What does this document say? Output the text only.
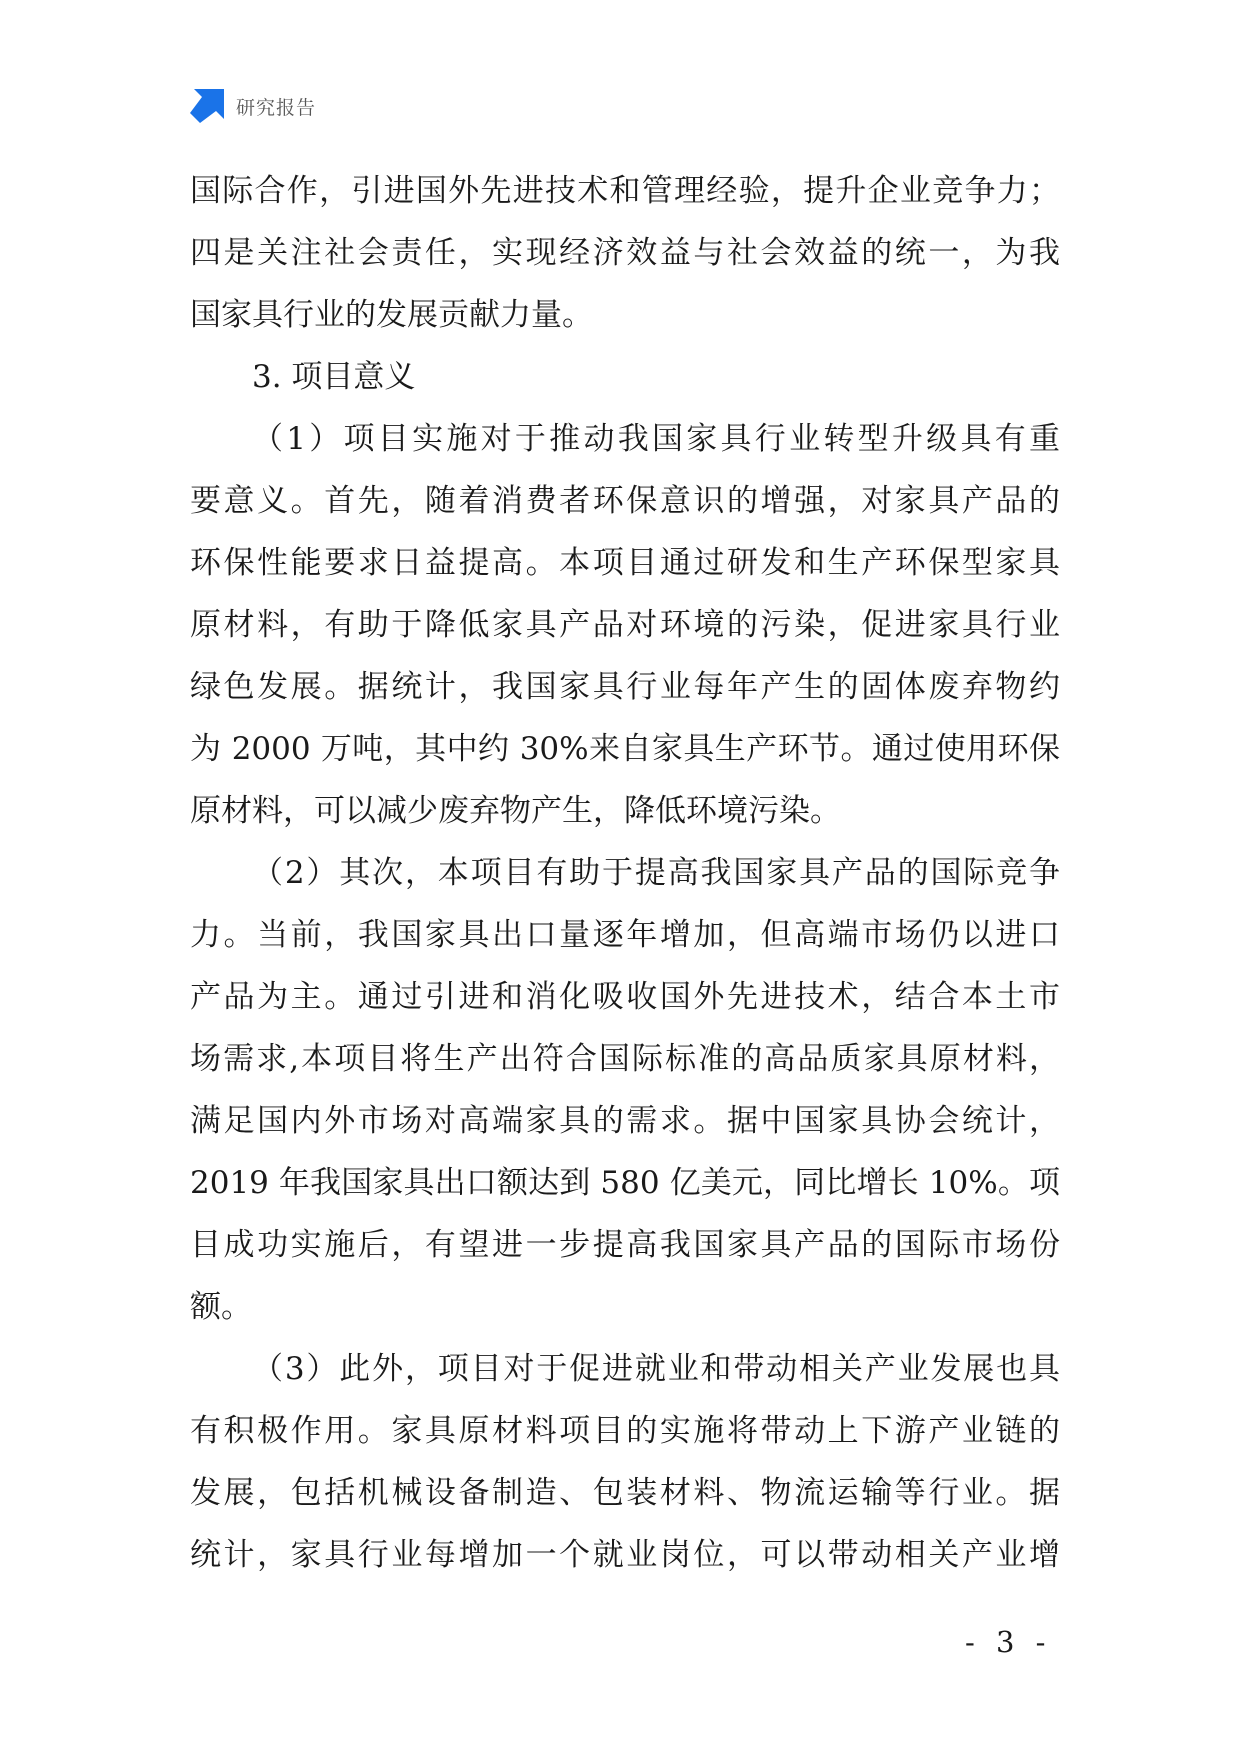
研究报告
国际合作，引进国外先进技术和管理经验，提升企业竞争力；
四是关注社会责任，实现经济效益与社会效益的统一，为我
国家具行业的发展贡献力量。
3. 项目意义
（1）项目实施对于推动我国家具行业转型升级具有重
要意义。首先，随着消费者环保意识的增强，对家具产品的
环保性能要求日益提高。本项目通过研发和生产环保型家具
原材料，有助于降低家具产品对环境的污染，促进家具行业
绿色发展。据统计，我国家具行业每年产生的固体废弃物约
为 2000 万吨，其中约 30%来自家具生产环节。通过使用环保
原材料，可以减少废弃物产生，降低环境污染。
（2）其次，本项目有助于提高我国家具产品的国际竞争
力。当前，我国家具出口量逐年增加，但高端市场仍以进口
产品为主。通过引进和消化吸收国外先进技术，结合本土市
场需求,本项目将生产出符合国际标准的高品质家具原材料，
满足国内外市场对高端家具的需求。据中国家具协会统计，
2019 年我国家具出口额达到 580 亿美元，同比增长 10%。项
目成功实施后，有望进一步提高我国家具产品的国际市场份
额。
（3）此外，项目对于促进就业和带动相关产业发展也具
有积极作用。家具原材料项目的实施将带动上下游产业链的
发展，包括机械设备制造、包装材料、物流运输等行业。据
统计，家具行业每增加一个就业岗位，可以带动相关产业增
- 3 -
